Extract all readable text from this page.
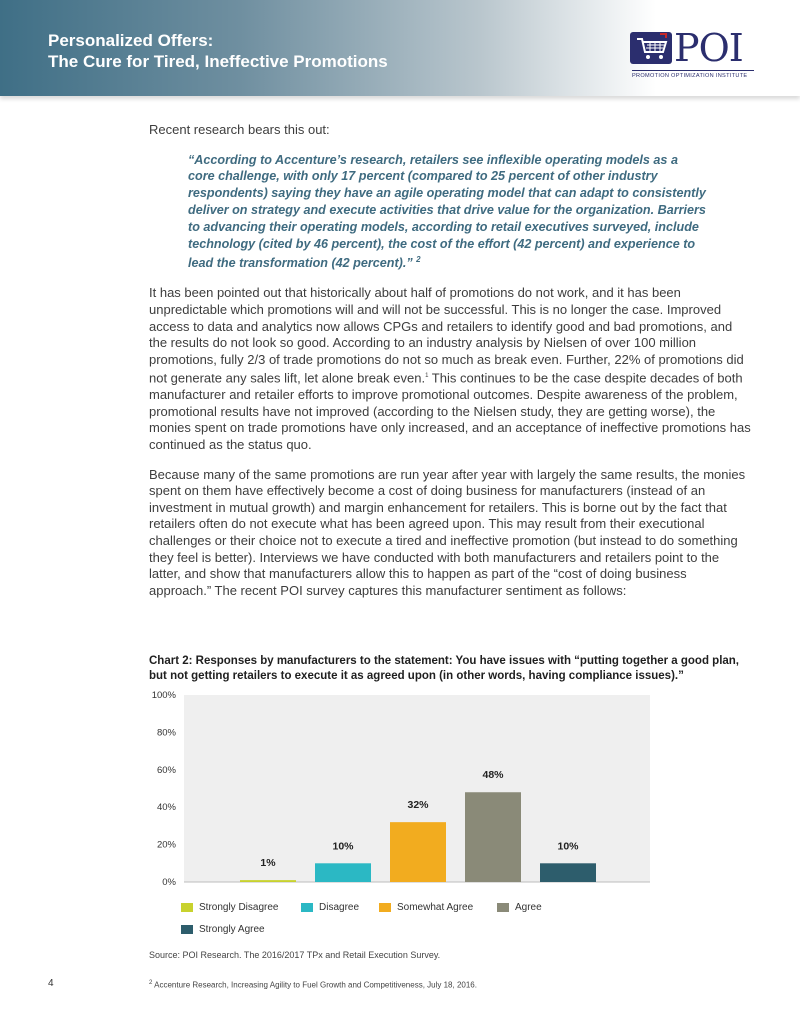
Personalized Offers:
The Cure for Tired, Ineffective Promotions	POI
PROMOTION OPTIMIZATION INSTITUTE

Recent research bears this out:

“According to Accenture’s research, retailers see inflexible operating models as a core challenge, with only 17 percent (compared to 25 percent of other industry respondents) saying they have an agile operating model that can adapt to consistently deliver on strategy and execute activities that drive value for the organization. Barriers to advancing their operating models, according to retail executives surveyed, include technology (cited by 46 percent), the cost of the effort (42 percent) and experience to lead the transformation (42 percent).” $^2$

It has been pointed out that historically about half of promotions do not work, and it has been unpredictable which promotions will and will not be successful. This is no longer the case. Improved access to data and analytics now allows CPGs and retailers to identify good and bad promotions, and the results do not look so good. According to an industry analysis by Nielsen of over 100 million promotions, fully 2/3 of trade promotions do not so much as break even. Further, 22% of promotions did not generate any sales lift, let alone break even.$^1$ This continues to be the case despite decades of both manufacturer and retailer efforts to improve promotional outcomes. Despite awareness of the problem, promotional results have not improved (according to the Nielsen study, they are getting worse), the monies spent on trade promotions have only increased, and an acceptance of ineffective promotions has continued as the status quo.

Because many of the same promotions are run year after year with largely the same results, the monies spent on them have effectively become a cost of doing business for manufacturers (instead of an investment in mutual growth) and margin enhancement for retailers. This is borne out by the fact that retailers often do not execute what has been agreed upon. This may result from their executional challenges or their choice not to execute a tired and ineffective promotion (but instead to do something they feel is better). Interviews we have conducted with both manufacturers and retailers point to the latter, and show that manufacturers allow this to happen as part of the “cost of doing business approach.” The recent POI survey captures this manufacturer sentiment as follows:

Chart 2: Responses by manufacturers to the statement: You have issues with “putting together a good plan, but not getting retailers to execute it as agreed upon (in other words, having compliance issues).”
0%
20%
40%
60%
80%
100%
1%
10%
32%
48%
10%
Strongly Disagree	Disagree	Somewhat Agree	Agree
Strongly Agree
Source: POI Research. The 2016/2017 TPx and Retail Execution Survey.
4	$^2$ Accenture Research, Increasing Agility to Fuel Growth and Competitiveness, July 18, 2016.
